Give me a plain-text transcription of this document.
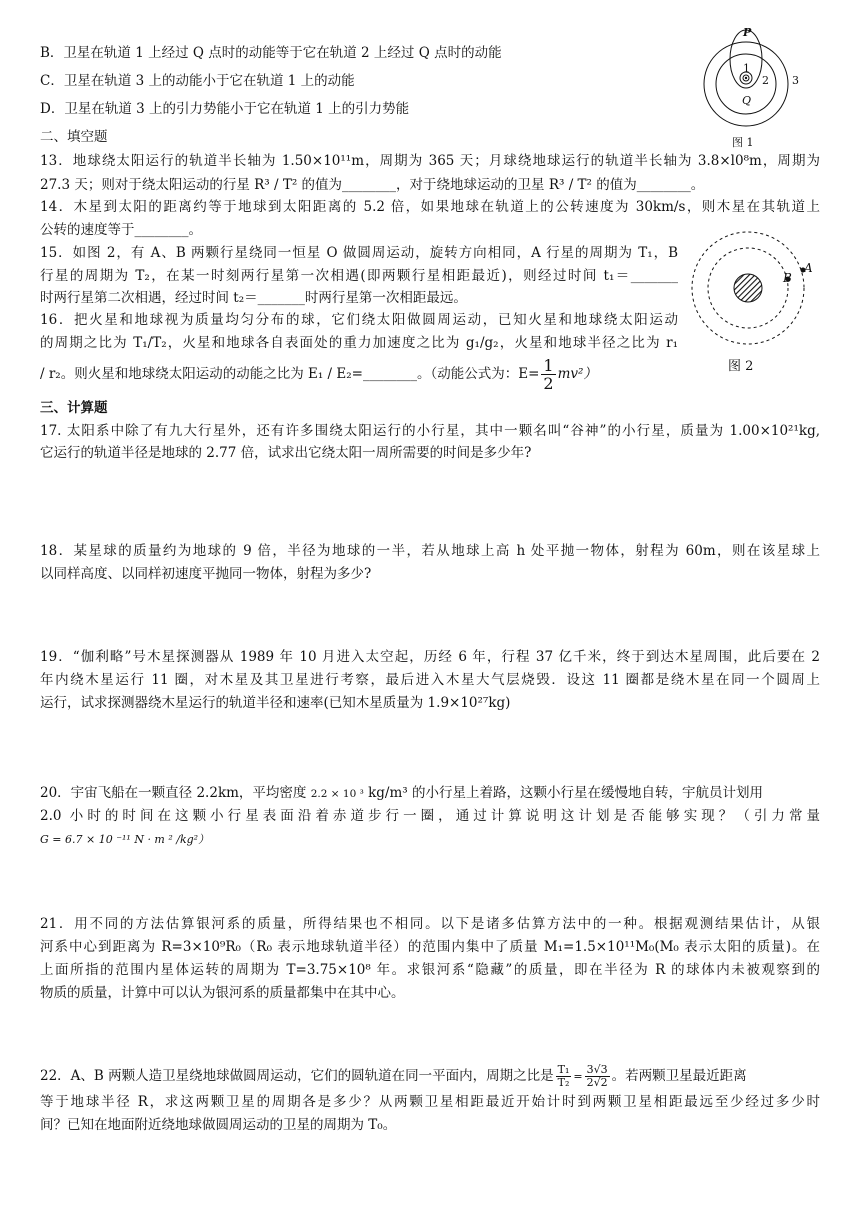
B．卫星在轨道 1 上经过 Q 点时的动能等于它在轨道 2 上经过 Q 点时的动能
C．卫星在轨道 3 上的动能小于它在轨道 1 上的动能
D．卫星在轨道 3 上的引力势能小于它在轨道 1 上的引力势能
P
Q
1
2 3
图 1
二、填空题
13．地球绕太阳运行的轨道半长轴为 1.50×10¹¹m，周期为 365 天；月球绕地球运行的轨道半长轴为 3.8×l0⁸m，周期为
27.3 天；则对于绕太阳运动的行星 R³ / T² 的值为________，对于绕地球运动的卫星 R³ / T² 的值为________。
14．木星到太阳的距离约等于地球到太阳距离的 5.2 倍，如果地球在轨道上的公转速度为 30km/s，则木星在其轨道上
公转的速度等于________。
15．如图 2，有 A、B 两颗行星绕同一恒星 O 做圆周运动，旋转方向相同，A 行星的周期为 T₁，B
行星的周期为 T₂，在某一时刻两行星第一次相遇(即两颗行星相距最近)，则经过时间 t₁＝_______
时两行星第二次相遇，经过时间 t₂＝_______时两行星第一次相距最远。
16．把火星和地球视为质量均匀分布的球，它们绕太阳做圆周运动，已知火星和地球绕太阳运动
的周期之比为 T₁/T₂，火星和地球各自表面处的重力加速度之比为 g₁/g₂，火星和地球半径之比为 r₁
/ r₂。则火星和地球绕太阳运动的动能之比为 E₁ / E₂=________。（动能公式为：$E= \frac{1}{2} mv^2$）
B
A
图 2
三、计算题
17. 太阳系中除了有九大行星外，还有许多围绕太阳运行的小行星，其中一颗名叫“谷神”的小行星，质量为 1.00×10²¹kg,
它运行的轨道半径是地球的 2.77 倍，试求出它绕太阳一周所需要的时间是多少年?
18．某星球的质量约为地球的 9 倍，半径为地球的一半，若从地球上高 h 处平抛一物体，射程为 60m，则在该星球上
以同样高度、以同样初速度平抛同一物体，射程为多少?
19．“伽利略”号木星探测器从 1989 年 10 月进入太空起，历经 6 年，行程 37 亿千米，终于到达木星周围，此后要在 2
年内绕木星运行 11 圈，对木星及其卫星进行考察，最后进入木星大气层烧毁．设这 11 圈都是绕木星在同一个圆周上
运行，试求探测器绕木星运行的轨道半径和速率(已知木星质量为 1.9×10²⁷kg)
20．宇宙飞船在一颗直径 2.2km，平均密度 2.2 × 10 ³ kg/m³ 的小行星上着路，这颗小行星在缓慢地自转，宇航员计划用
2.0 小时的时间在这颗小行星表面沿着赤道步行一圈，通过计算说明这计划是否能够实现？（引力常量
G = 6.7 × 10 ⁻¹¹ N · m ² /kg²）
21．用不同的方法估算银河系的质量，所得结果也不相同。以下是诸多估算方法中的一种。根据观测结果估计，从银
河系中心到距离为 R=3×10⁹R₀（R₀ 表示地球轨道半径）的范围内集中了质量 M₁=1.5×10¹¹M₀(M₀ 表示太阳的质量)。在
上面所指的范围内星体运转的周期为 T=3.75×10⁸ 年。求银河系“隐藏”的质量，即在半径为 R 的球体内未被观察到的
物质的质量，计算中可以认为银河系的质量都集中在其中心。
22．A、B 两颗人造卫星绕地球做圆周运动，它们的圆轨道在同一平面内，周期之比是 $\frac{\text{T₁}}{\text{T₂}} = \frac{3√3}{2√2}$ 。若两颗卫星最近距离
等于地球半径 R，求这两颗卫星的周期各是多少？从两颗卫星相距最近开始计时到两颗卫星相距最远至少经过多少时
间？已知在地面附近绕地球做圆周运动的卫星的周期为 T₀。
